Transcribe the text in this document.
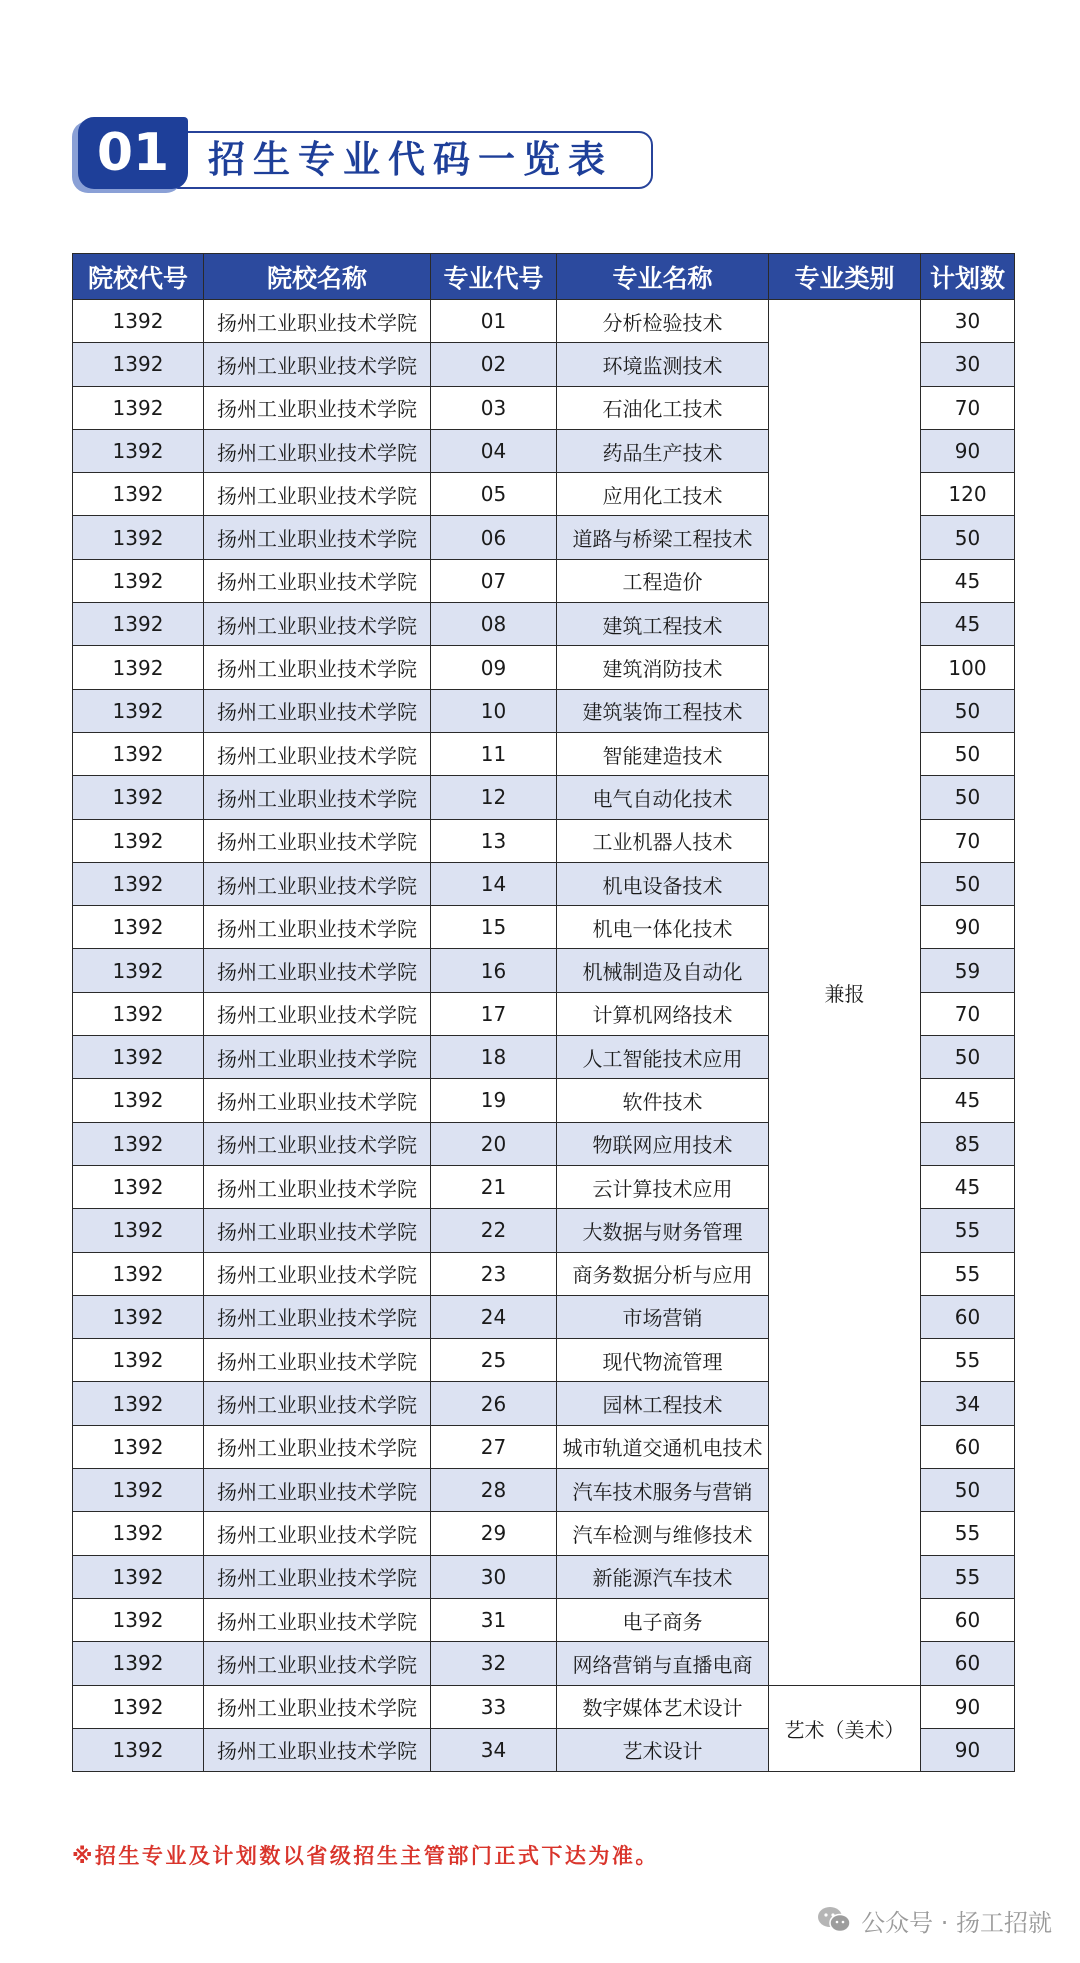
01	招生专业代码一览表
院校代号	院校名称	专业代号	专业名称	专业类别	计划数
1392	扬州工业职业技术学院	01	分析检验技术	兼报	30
1392	扬州工业职业技术学院	02	环境监测技术		30
1392	扬州工业职业技术学院	03	石油化工技术		70
1392	扬州工业职业技术学院	04	药品生产技术		90
1392	扬州工业职业技术学院	05	应用化工技术		120
1392	扬州工业职业技术学院	06	道路与桥梁工程技术		50
1392	扬州工业职业技术学院	07	工程造价		45
1392	扬州工业职业技术学院	08	建筑工程技术		45
1392	扬州工业职业技术学院	09	建筑消防技术		100
1392	扬州工业职业技术学院	10	建筑装饰工程技术		50
1392	扬州工业职业技术学院	11	智能建造技术		50
1392	扬州工业职业技术学院	12	电气自动化技术		50
1392	扬州工业职业技术学院	13	工业机器人技术		70
1392	扬州工业职业技术学院	14	机电设备技术		50
1392	扬州工业职业技术学院	15	机电一体化技术		90
1392	扬州工业职业技术学院	16	机械制造及自动化		59
1392	扬州工业职业技术学院	17	计算机网络技术		70
1392	扬州工业职业技术学院	18	人工智能技术应用		50
1392	扬州工业职业技术学院	19	软件技术		45
1392	扬州工业职业技术学院	20	物联网应用技术		85
1392	扬州工业职业技术学院	21	云计算技术应用		45
1392	扬州工业职业技术学院	22	大数据与财务管理		55
1392	扬州工业职业技术学院	23	商务数据分析与应用		55
1392	扬州工业职业技术学院	24	市场营销		60
1392	扬州工业职业技术学院	25	现代物流管理		55
1392	扬州工业职业技术学院	26	园林工程技术		34
1392	扬州工业职业技术学院	27	城市轨道交通机电技术		60
1392	扬州工业职业技术学院	28	汽车技术服务与营销		50
1392	扬州工业职业技术学院	29	汽车检测与维修技术		55
1392	扬州工业职业技术学院	30	新能源汽车技术		55
1392	扬州工业职业技术学院	31	电子商务		60
1392	扬州工业职业技术学院	32	网络营销与直播电商		60
1392	扬州工业职业技术学院	33	数字媒体艺术设计	艺术（美术）	90
1392	扬州工业职业技术学院	34	艺术设计		90
※招生专业及计划数以省级招生主管部门正式下达为准。
公众号 · 扬工招就
